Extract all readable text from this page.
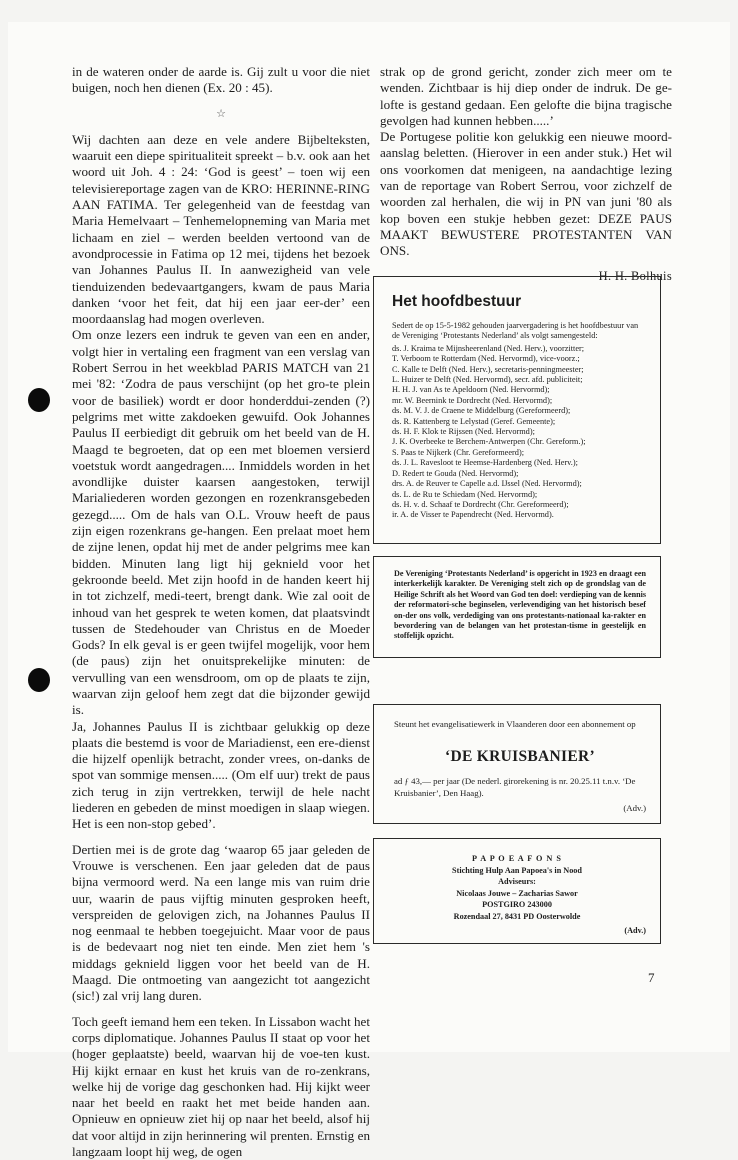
in de wateren onder de aarde is. Gij zult u voor die niet buigen, noch hen dienen (Ex. 20 : 45).

☆

Wij dachten aan deze en vele andere Bijbelteksten, waaruit een diepe spiritualiteit spreekt – b.v. ook aan het woord uit Joh. 4 : 24: ‘God is geest’ – toen wij een televisiereportage zagen van de KRO: HERINNE-RING AAN FATIMA. Ter gelegenheid van de feestdag van Maria Hemelvaart – Tenhemelopneming van Maria met lichaam en ziel – werden beelden vertoond van de avondprocessie in Fatima op 12 mei, tijdens het bezoek van Johannes Paulus II. In aanwezigheid van vele tienduizenden bedevaartgangers, kwam de paus Maria danken ‘voor het feit, dat hij een jaar eer-der’ een moordaanslag had mogen overleven.

Om onze lezers een indruk te geven van een en ander, volgt hier in vertaling een fragment van een verslag van Robert Serrou in het weekblad PARIS MATCH van 21 mei '82: ‘Zodra de paus verschijnt (op het gro-te plein voor de basiliek) wordt er door honderddui-zenden (?) pelgrims met witte zakdoeken gewuifd. Ook Johannes Paulus II eerbiedigt dit gebruik om het beeld van de H. Maagd te begroeten, dat op een met bloemen versierd voetstuk wordt aangedragen.... Inmiddels worden in het avondlijke duister kaarsen aangestoken, terwijl Marialiederen worden gezongen en rozenkransgebeden gezegd..... Om de hals van O.L. Vrouw heeft de paus zijn eigen rozenkrans ge-hangen. Een prelaat moet hem de zijne lenen, opdat hij met de ander pelgrims mee kan bidden. Minuten lang ligt hij geknield voor het gekroonde beeld. Met zijn hoofd in de handen keert hij in tot zichzelf, medi-teert, brengt dank. Wie zal ooit de inhoud van het gesprek te weten komen, dat plaatsvindt tussen de Stedehouder van Christus en de Moeder Gods? In elk geval is er geen twijfel mogelijk, voor hem (de paus) zijn het onuitsprekelijke minuten: de vervulling van een wensdroom, om op de plaats te zijn, waarvan zijn geloof hem zegt dat die bijzonder gewijd is.

Ja, Johannes Paulus II is zichtbaar gelukkig op deze plaats die bestemd is voor de Mariadienst, een ere-dienst die hijzelf openlijk betracht, zonder vrees, on-danks de spot van sommige mensen..... (Om elf uur) trekt de paus zich terug in zijn vertrekken, terwijl de hele nacht liederen en gebeden de minst moedigen in slaap wiegen. Het is een non-stop gebed’.

Dertien mei is de grote dag ‘waarop 65 jaar geleden de Vrouwe is verschenen. Een jaar geleden dat de paus bijna vermoord werd. Na een lange mis van ruim drie uur, waarin de paus vijftig minuten gesproken heeft, verspreiden de gelovigen zich, na Johannes Paulus II nog eenmaal te hebben toegejuicht. Maar voor de paus is de bedevaart nog niet ten einde. Men ziet hem 's middags geknield liggen voor het beeld van de H. Maagd. Die ontmoeting van aangezicht tot aangezicht (sic!) zal vrij lang duren.

Toch geeft iemand hem een teken. In Lissabon wacht het corps diplomatique. Johannes Paulus II staat op voor het (hoger geplaatste) beeld, waarvan hij de voe-ten kust. Hij kijkt ernaar en kust het kruis van de ro-zenkrans, welke hij de vorige dag geschonken had. Hij kijkt weer naar het beeld en raakt het met beide handen aan. Opnieuw en opnieuw ziet hij op naar het beeld, alsof hij dat voor altijd in zijn herinnering wil prenten. Ernstig en langzaam loopt hij weg, de ogen

strak op de grond gericht, zonder zich meer om te wenden. Zichtbaar is hij diep onder de indruk. De ge-lofte is gestand gedaan. Een gelofte die bijna tragische gevolgen had kunnen hebben.....’

De Portugese politie kon gelukkig een nieuwe moord-aanslag beletten. (Hierover in een ander stuk.) Het wil ons voorkomen dat menigeen, na aandachtige lezing van de reportage van Robert Serrou, voor zichzelf de woorden zal herhalen, die wij in PN van juni '80 als kop boven een stukje hebben gezet: DEZE PAUS MAAKT BEWUSTERE PROTESTANTEN VAN ONS.

H. H. Bolhuis
Het hoofdbestuur

Sedert de op 15-5-1982 gehouden jaarvergadering is het hoofdbestuur van de Vereniging ‘Protestants Nederland’ als volgt samengesteld:

ds. J. Kraima te Mijnsheerenland (Ned. Herv.), voorzitter;
T. Verboom te Rotterdam (Ned. Hervormd), vice-voorz.;
C. Kalle te Delft (Ned. Herv.), secretaris-penningmeester;
L. Huizer te Delft (Ned. Hervormd), secr. afd. publiciteit;
H. H. J. van As te Apeldoorn (Ned. Hervormd);
mr. W. Beernink te Dordrecht (Ned. Hervormd);
ds. M. V. J. de Craene te Middelburg (Gereformeerd);
ds. R. Kattenberg te Lelystad (Geref. Gemeente);
ds. H. F. Klok te Rijssen (Ned. Hervormd);
J. K. Overbeeke te Berchem-Antwerpen (Chr. Gereform.);
S. Paas te Nijkerk (Chr. Gereformeerd);
ds. J. L. Ravesloot te Heemse-Hardenberg (Ned. Herv.);
D. Redert te Gouda (Ned. Hervormd);
drs. A. de Reuver te Capelle a.d. IJssel (Ned. Hervormd);
ds. L. de Ru te Schiedam (Ned. Hervormd);
ds. H. v. d. Schaaf te Dordrecht (Chr. Gereformeerd);
ir. A. de Visser te Papendrecht (Ned. Hervormd).

De Vereniging ‘Protestants Nederland’ is opgericht in 1923 en draagt een interkerkelijk karakter. De Vereniging stelt zich op de grondslag van de Heilige Schrift als het Woord van God ten doel: verdieping van de kennis der reformatori-sche beginselen, verlevendiging van het historisch besef on-der ons volk, verdediging van ons protestants-nationaal ka-rakter en bevordering van de belangen van het protestan-tisme in geestelijk en stoffelijk opzicht.

Steunt het evangelisatiewerk in Vlaanderen door een abonnement op
‘DE KRUISBANIER’
ad ƒ 43,— per jaar (De nederl. girorekening is nr. 20.25.11 t.n.v. ‘De Kruisbanier’, Den Haag).
(Adv.)
P A P O E A F O N S
Stichting Hulp Aan Papoea's in Nood
Adviseurs:
Nicolaas Jouwe – Zacharias Sawor
POSTGIRO 243000
Rozendaal 27, 8431 PD Oosterwolde
(Adv.)
7
